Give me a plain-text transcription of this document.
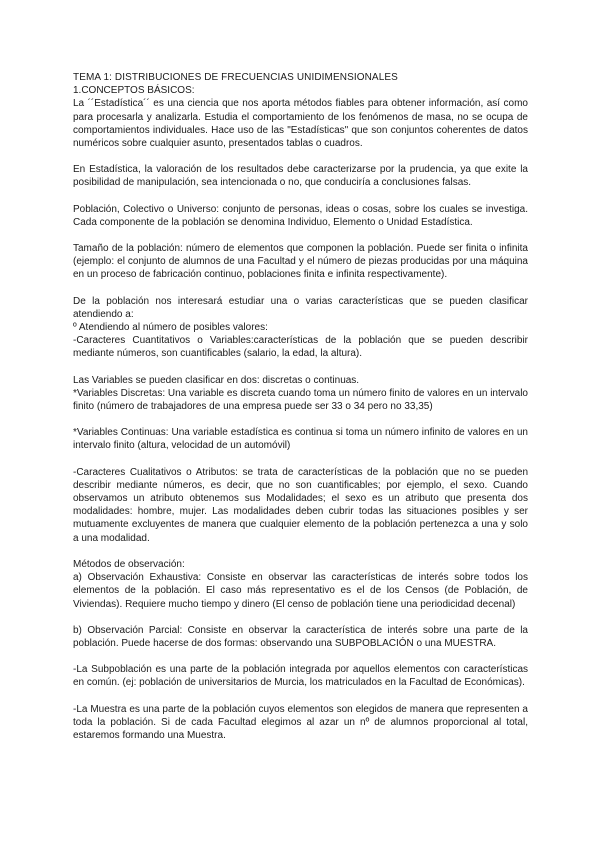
TEMA 1: DISTRIBUCIONES DE FRECUENCIAS UNIDIMENSIONALES

1.CONCEPTOS BÁSICOS:

La ´´Estadística´´ es una ciencia que nos aporta métodos fiables para obtener información, así como para procesarla y analizarla. Estudia el comportamiento de los fenómenos de masa, no se ocupa de comportamientos individuales. Hace uso de las "Estadísticas" que son conjuntos coherentes de datos numéricos sobre cualquier asunto, presentados tablas o cuadros.

En Estadística, la valoración de los resultados debe caracterizarse por la prudencia, ya que exite la posibilidad de manipulación, sea intencionada o no, que conduciría a conclusiones falsas.

Población, Colectivo o Universo: conjunto de personas, ideas o cosas, sobre los cuales se investiga. Cada componente de la población se denomina Individuo, Elemento o Unidad Estadística.

Tamaño de la población: número de elementos que componen la población. Puede ser finita o infinita (ejemplo: el conjunto de alumnos de una Facultad y el número de piezas producidas por una máquina en un proceso de fabricación continuo, poblaciones finita e infinita respectivamente).

De la población nos interesará estudiar una o varias características que se pueden clasificar atendiendo a:

º Atendiendo al número de posibles valores:

-Caracteres Cuantitativos o Variables:características de la población que se pueden describir mediante números, son cuantificables (salario, la edad, la altura).

Las Variables se pueden clasificar en dos: discretas o continuas.

*Variables Discretas: Una variable es discreta cuando toma un número finito de valores en un intervalo finito (número de trabajadores de una empresa puede ser 33 o 34 pero no 33,35)

*Variables Continuas: Una variable estadística es continua si toma un número infinito de valores en un intervalo finito (altura, velocidad de un automóvil)

-Caracteres Cualitativos o Atributos: se trata de características de la población que no se pueden describir mediante números, es decir, que no son cuantificables; por ejemplo, el sexo. Cuando observamos un atributo obtenemos sus Modalidades; el sexo es un atributo que presenta dos modalidades: hombre, mujer. Las modalidades deben cubrir todas las situaciones posibles y ser mutuamente excluyentes de manera que cualquier elemento de la población pertenezca a una y solo a una modalidad.

Métodos de observación:

a) Observación Exhaustiva: Consiste en observar las características de interés sobre todos los elementos de la población. El caso más representativo es el de los Censos (de Población, de Viviendas). Requiere mucho tiempo y dinero (El censo de población tiene una periodicidad decenal)

b) Observación Parcial: Consiste en observar la característica de interés sobre una parte de la población. Puede hacerse de dos formas: observando una SUBPOBLACIÓN o una MUESTRA.

-La Subpoblación es una parte de la población integrada por aquellos elementos con características en común. (ej: población de universitarios de Murcia, los matriculados en la Facultad de Económicas).

-La Muestra es una parte de la población cuyos elementos son elegidos de manera que representen a toda la población. Si de cada Facultad elegimos al azar un nº de alumnos proporcional al total, estaremos formando una Muestra.
